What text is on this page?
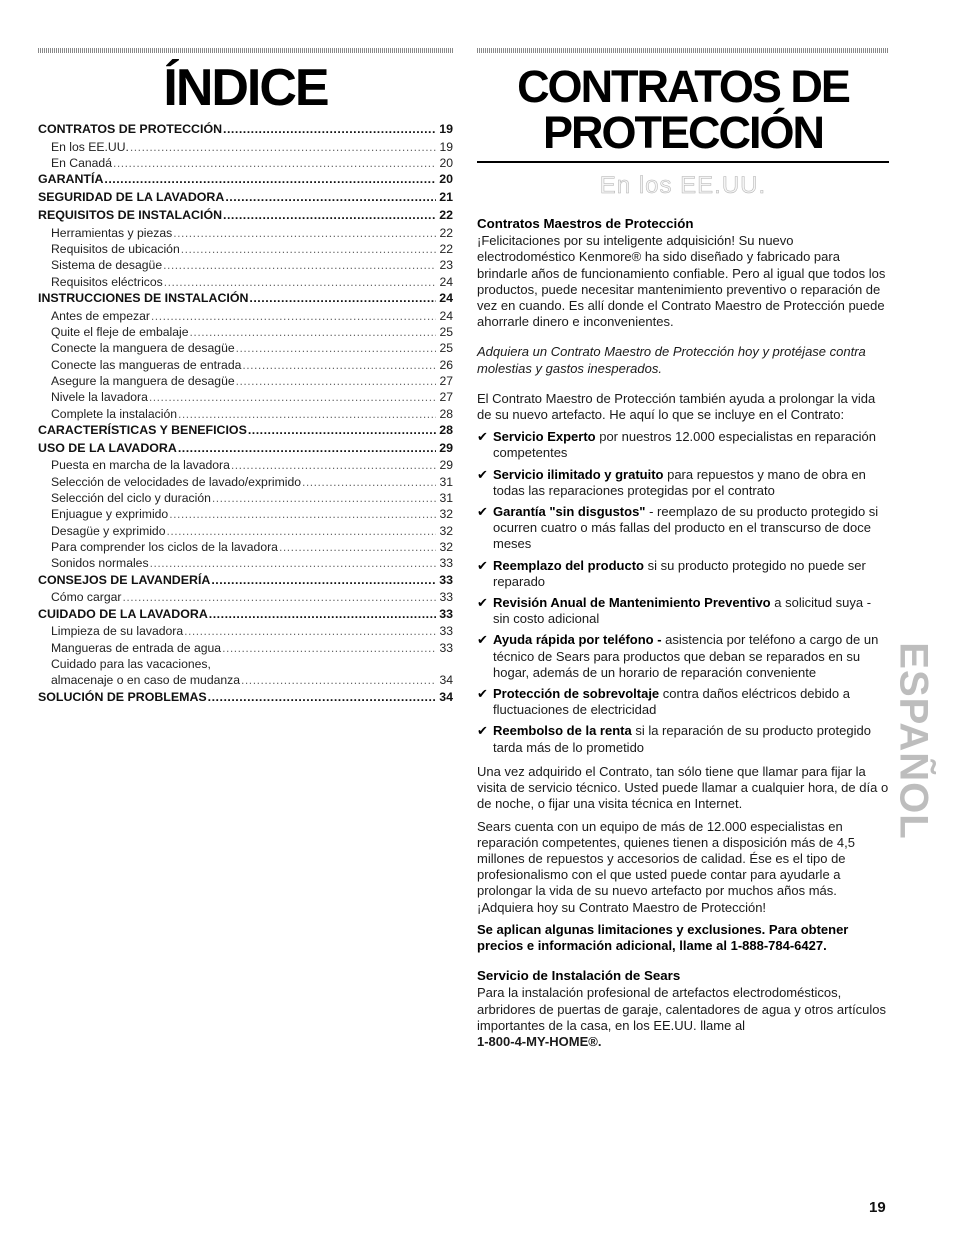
ÍNDICE
CONTRATOS DE PROTECCIÓN .....	19
En los EE.UU. .....	19
En Canadá .....	20
GARANTÍA .....	20
SEGURIDAD DE LA LAVADORA .....	21
REQUISITOS DE INSTALACIÓN .....	22
Herramientas y piezas .....	22
Requisitos de ubicación .....	22
Sistema de desagüe .....	23
Requisitos eléctricos .....	24
INSTRUCCIONES DE INSTALACIÓN .....	24
Antes de empezar .....	24
Quite el fleje de embalaje .....	25
Conecte la manguera de desagüe .....	25
Conecte las mangueras de entrada .....	26
Asegure la manguera de desagüe .....	27
Nivele la lavadora .....	27
Complete la instalación .....	28
CARACTERÍSTICAS Y BENEFICIOS .....	28
USO DE LA LAVADORA .....	29
Puesta en marcha de la lavadora .....	29
Selección de velocidades de lavado/exprimido .....	31
Selección del ciclo y duración .....	31
Enjuague y exprimido .....	32
Desagüe y exprimido .....	32
Para comprender los ciclos de la lavadora .....	32
Sonidos normales .....	33
CONSEJOS DE LAVANDERÍA .....	33
Cómo cargar .....	33
CUIDADO DE LA LAVADORA .....	33
Limpieza de su lavadora .....	33
Mangueras de entrada de agua .....	33
Cuidado para las vacaciones,
almacenaje o en caso de mudanza .....	34
SOLUCIÓN DE PROBLEMAS .....	34
CONTRATOS DE
PROTECCIÓN
En los EE.UU.
Contratos Maestros de Protección

¡Felicitaciones por su inteligente adquisición! Su nuevo electrodoméstico Kenmore® ha sido diseñado y fabricado para brindarle años de funcionamiento confiable. Pero al igual que todos los productos, puede necesitar mantenimiento preventivo o reparación de vez en cuando. Es allí donde el Contrato Maestro de Protección puede ahorrarle dinero e inconvenientes.

Adquiera un Contrato Maestro de Protección hoy y protéjase contra molestias y gastos inesperados.

El Contrato Maestro de Protección también ayuda a prolongar la vida de su nuevo artefacto. He aquí lo que se incluye en el Contrato:

✔ Servicio Experto por nuestros 12.000 especialistas en reparación competentes
✔ Servicio ilimitado y gratuito para repuestos y mano de obra en todas las reparaciones protegidas por el contrato
✔ Garantía "sin disgustos" - reemplazo de su producto protegido si ocurren cuatro o más fallas del producto en el transcurso de doce meses
✔ Reemplazo del producto si su producto protegido no puede ser reparado
✔ Revisión Anual de Mantenimiento Preventivo a solicitud suya - sin costo adicional
✔ Ayuda rápida por teléfono - asistencia por teléfono a cargo de un técnico de Sears para productos que deban se reparados en su hogar, además de un horario de reparación conveniente
✔ Protección de sobrevoltaje contra daños eléctricos debido a fluctuaciones de electricidad
✔ Reembolso de la renta si la reparación de su producto protegido tarda más de lo prometido

Una vez adquirido el Contrato, tan sólo tiene que llamar para fijar la visita de servicio técnico. Usted puede llamar a cualquier hora, de día o de noche, o fijar una visita técnica en Internet.

Sears cuenta con un equipo de más de 12.000 especialistas en reparación competentes, quienes tienen a disposición más de 4,5 millones de repuestos y accesorios de calidad. Ése es el tipo de profesionalismo con el que usted puede contar para ayudarle a prolongar la vida de su nuevo artefacto por muchos años más. ¡Adquiera hoy su Contrato Maestro de Protección!

Se aplican algunas limitaciones y exclusiones. Para obtener precios e información adicional, llame al 1-888-784-6427.

Servicio de Instalación de Sears

Para la instalación profesional de artefactos electrodomésticos, arbridores de puertas de garaje, calentadores de agua y otros artículos importantes de la casa, en los EE.UU. llame al
1-800-4-MY-HOME®.

ESPAÑOL
19
